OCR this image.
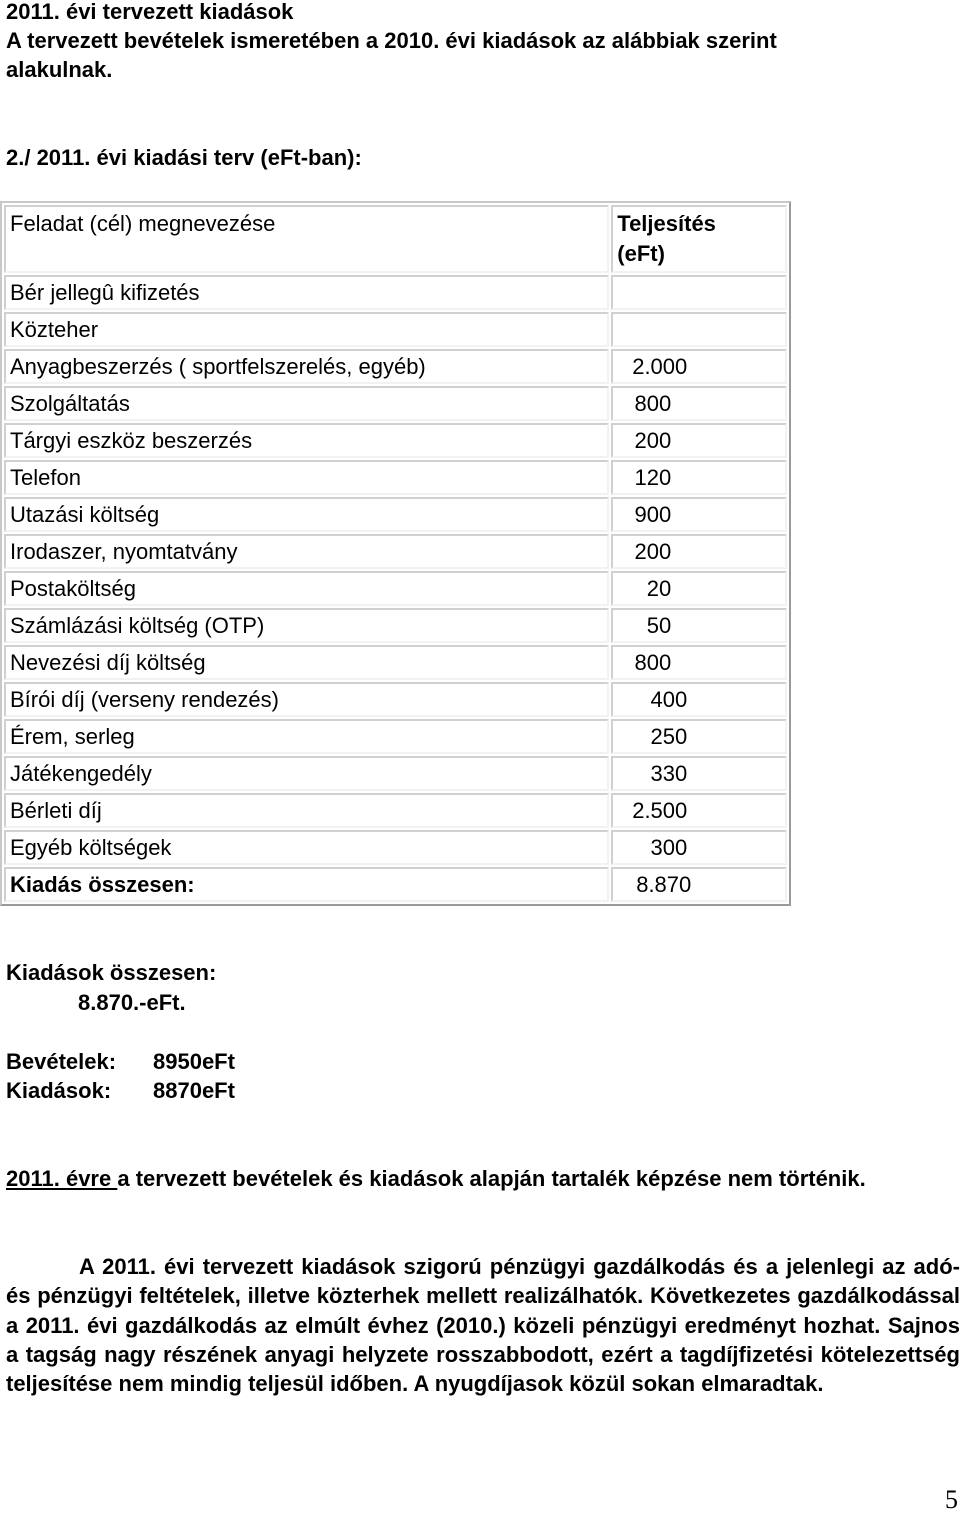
2011. évi tervezett kiadások
A tervezett bevételek ismeretében a 2010. évi kiadások az alábbiak szerint
alakulnak.
2./ 2011. évi kiadási terv (eFt-ban):
Feladat (cél) megnevezése	Teljesítés
(eFt)
Bér jellegû kifizetés	
Közteher	
Anyagbeszerzés ( sportfelszerelés, egyéb)	2.000
Szolgáltatás	800
Tárgyi eszköz beszerzés	200
Telefon	120
Utazási költség	900
Irodaszer, nyomtatvány	200
Postaköltség	20
Számlázási költség (OTP)	50
Nevezési díj költség	800
Bírói díj (verseny rendezés)	400
Érem, serleg	250
Játékengedély	330
Bérleti díj	2.500
Egyéb költségek	300
Kiadás összesen:	8.870
Kiadások összesen:
8.870.-eFt.
Bevételek: 8950eFt
Kiadások: 8870eFt
2011. évre a tervezett bevételek és kiadások alapján tartalék képzése nem történik.
A 2011. évi tervezett kiadások szigorú pénzügyi gazdálkodás és a jelenlegi az adó- és pénzügyi feltételek, illetve közterhek mellett realizálhatók. Következetes gazdálkodással a 2011. évi gazdálkodás az elmúlt évhez (2010.) közeli pénzügyi eredményt hozhat. Sajnos a tagság nagy részének anyagi helyzete rosszabbodott, ezért a tagdíjfizetési kötelezettség teljesítése nem mindig teljesül időben. A nyugdíjasok közül sokan elmaradtak.
5
